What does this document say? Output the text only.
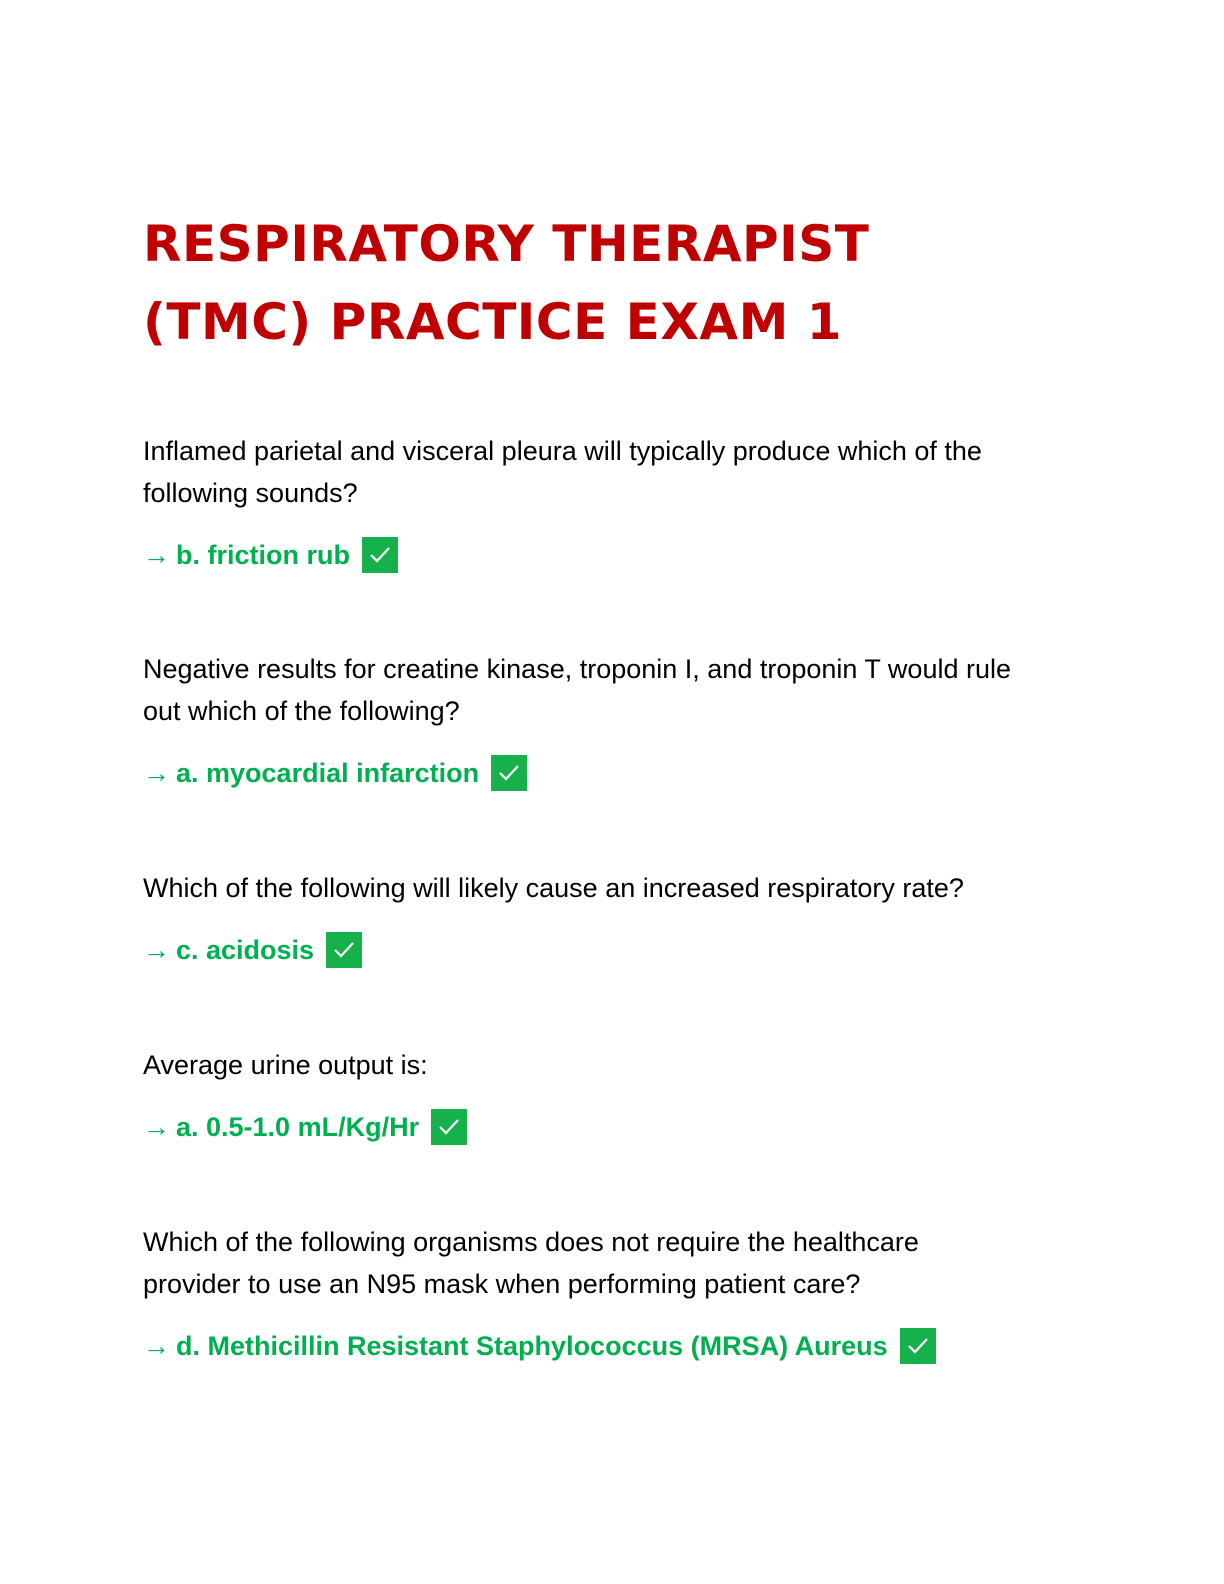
RESPIRATORY THERAPIST
(TMC) PRACTICE EXAM 1

Inflamed parietal and visceral pleura will typically produce which of the following sounds?

→ b. friction rub

Negative results for creatine kinase, troponin I, and troponin T would rule out which of the following?

→ a. myocardial infarction

Which of the following will likely cause an increased respiratory rate?

→ c. acidosis

Average urine output is:

→ a. 0.5-1.0 mL/Kg/Hr

Which of the following organisms does not require the healthcare provider to use an N95 mask when performing patient care?

→ d. Methicillin Resistant Staphylococcus (MRSA) Aureus
